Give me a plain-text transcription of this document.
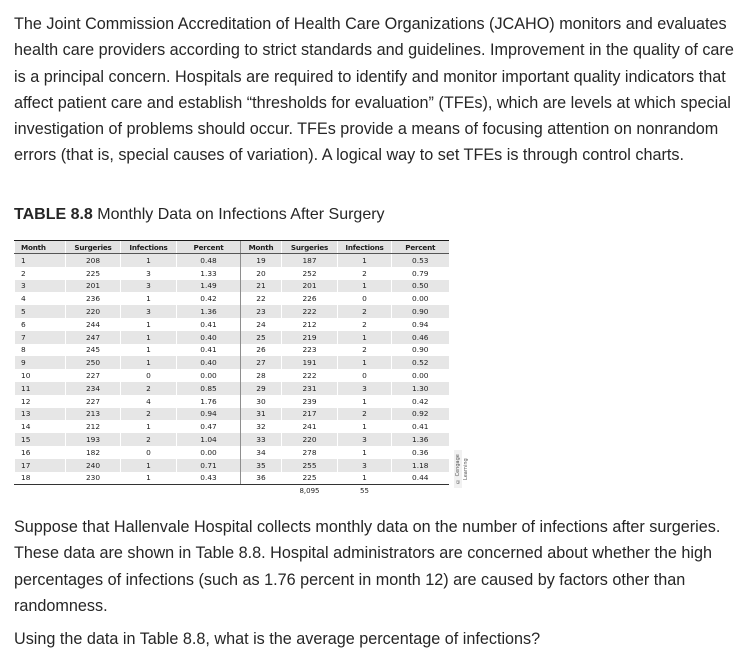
The Joint Commission Accreditation of Health Care Organizations (JCAHO) monitors and evaluates health care providers according to strict standards and guidelines. Improvement in the quality of care is a principal concern. Hospitals are required to identify and monitor important quality indicators that affect patient care and establish “thresholds for evaluation” (TFEs), which are levels at which special investigation of problems should occur. TFEs provide a means of focusing attention on nonrandom errors (that is, special causes of variation). A logical way to set TFEs is through control charts.

TABLE 8.8 Monthly Data on Infections After Surgery

Month	Surgeries	Infections	Percent	Month	Surgeries	Infections	Percent
1	208	1	0.48	19	187	1	0.53
2	225	3	1.33	20	252	2	0.79
3	201	3	1.49	21	201	1	0.50
4	236	1	0.42	22	226	0	0.00
5	220	3	1.36	23	222	2	0.90
6	244	1	0.41	24	212	2	0.94
7	247	1	0.40	25	219	1	0.46
8	245	1	0.41	26	223	2	0.90
9	250	1	0.40	27	191	1	0.52
10	227	0	0.00	28	222	0	0.00
11	234	2	0.85	29	231	3	1.30
12	227	4	1.76	30	239	1	0.42
13	213	2	0.94	31	217	2	0.92
14	212	1	0.47	32	241	1	0.41
15	193	2	1.04	33	220	3	1.36
16	182	0	0.00	34	278	1	0.36
17	240	1	0.71	35	255	3	1.18
18	230	1	0.43	36	225	1	0.44
					8,095	55	
© Cengage Learning

Suppose that Hallenvale Hospital collects monthly data on the number of infections after surgeries. These data are shown in Table 8.8. Hospital administrators are concerned about whether the high percentages of infections (such as 1.76 percent in month 12) are caused by factors other than randomness.

Using the data in Table 8.8, what is the average percentage of infections?
